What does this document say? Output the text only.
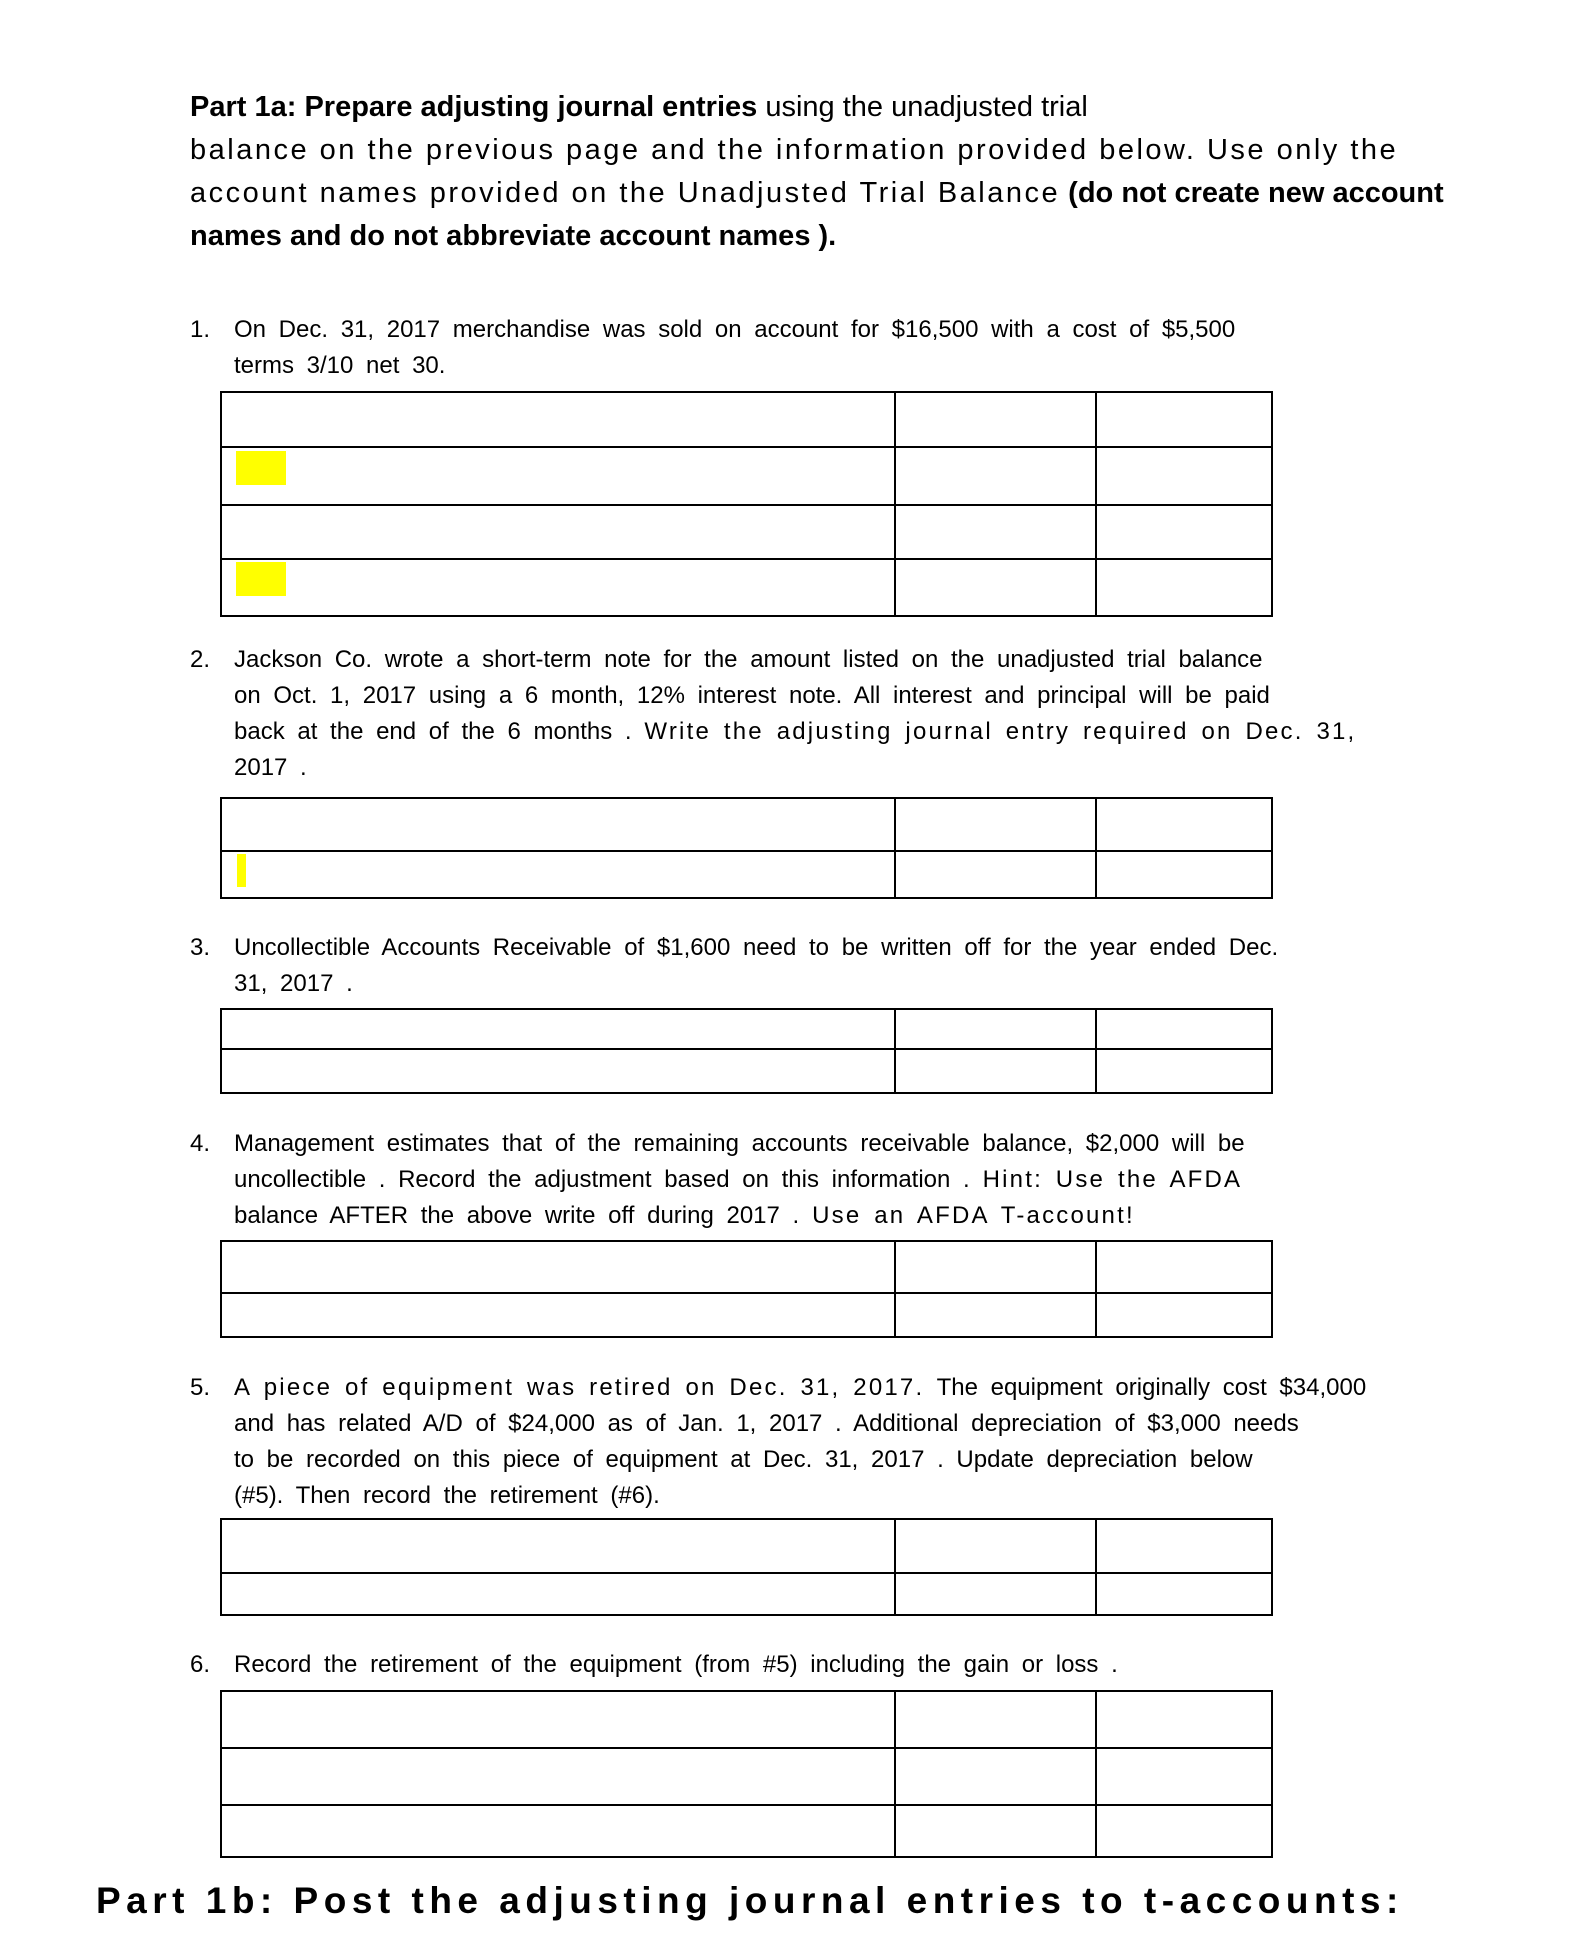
Part 1a: Prepare adjusting journal entries using the unadjusted trial
balance on the previous page and the information provided below. Use only the
account names provided on the Unadjusted Trial Balance (do not create new account names and do not abbreviate account names ).
1. On Dec. 31, 2017 merchandise was sold on account for $16,500 with a cost of $5,500
terms 3/10 net 30.
2. Jackson Co. wrote a short-term note for the amount listed on the unadjusted trial balance
on Oct. 1, 2017 using a 6 month, 12% interest note. All interest and principal will be paid
back at the end of the 6 months . Write the adjusting journal entry required on Dec. 31,
2017 .
3. Uncollectible Accounts Receivable of $1,600 need to be written off for the year ended Dec.
31, 2017 .
4. Management estimates that of the remaining accounts receivable balance, $2,000 will be
uncollectible . Record the adjustment based on this information . Hint: Use the AFDA
balance AFTER the above write off during 2017 . Use an AFDA T-account!
5. A piece of equipment was retired on Dec. 31, 2017. The equipment originally cost $34,000
and has related A/D of $24,000 as of Jan. 1, 2017 . Additional depreciation of $3,000 needs
to be recorded on this piece of equipment at Dec. 31, 2017 . Update depreciation below
(#5). Then record the retirement (#6).
6. Record the retirement of the equipment (from #5) including the gain or loss .
Part 1b: Post the adjusting journal entries to t-accounts:
